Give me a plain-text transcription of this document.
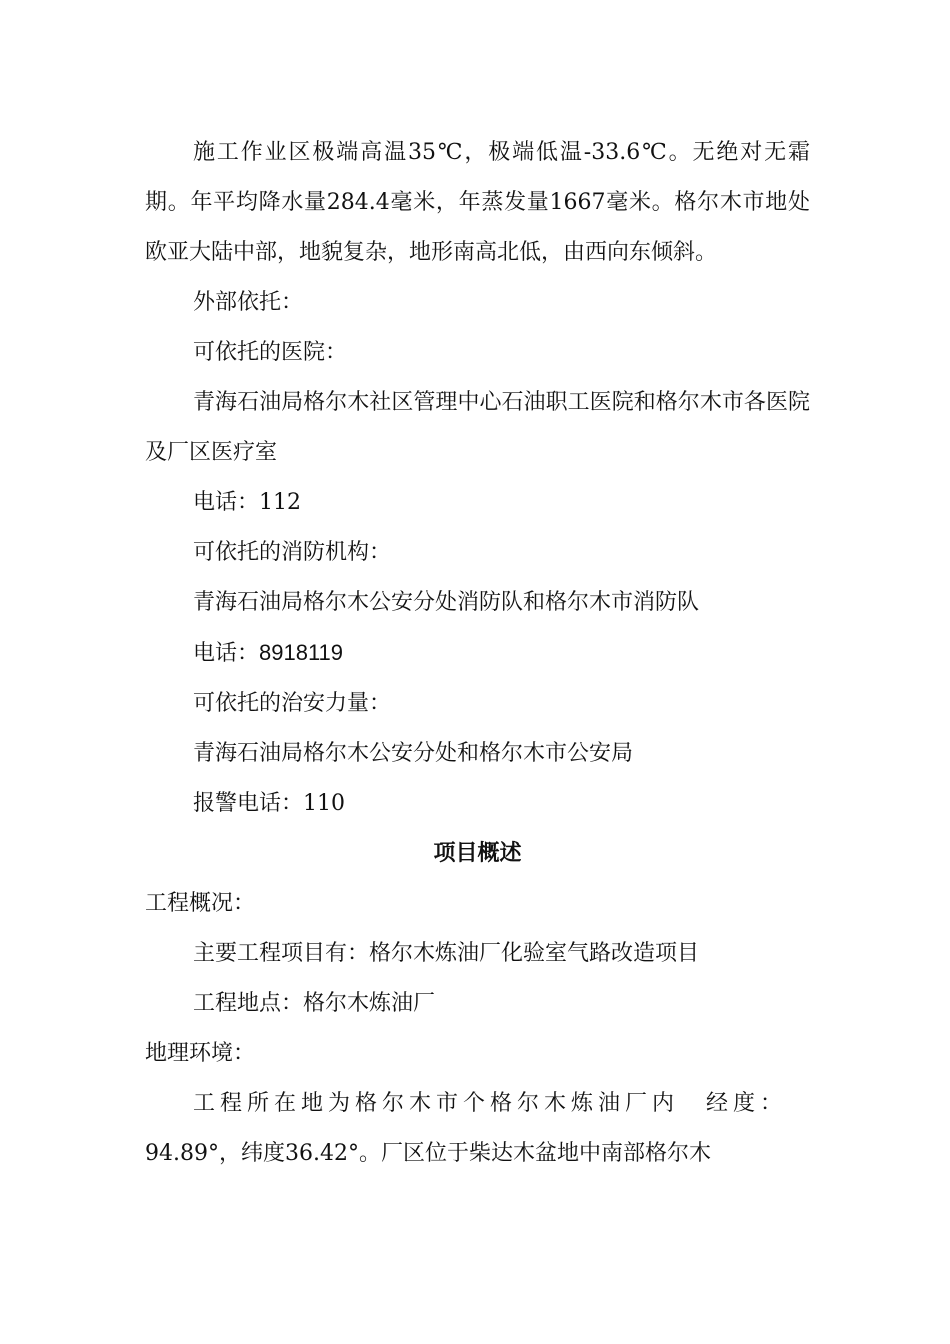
施工作业区极端高温35℃，极端低温-33.6℃。无绝对无霜期。年平均降水量284.4毫米，年蒸发量1667毫米。格尔木市地处欧亚大陆中部，地貌复杂，地形南高北低，由西向东倾斜。

外部依托：

可依托的医院：

青海石油局格尔木社区管理中心石油职工医院和格尔木市各医院及厂区医疗室

电话：112

可依托的消防机构：

青海石油局格尔木公安分处消防队和格尔木市消防队

电话：8918119

可依托的治安力量：

青海石油局格尔木公安分处和格尔木市公安局

报警电话：110

项目概述

工程概况：

主要工程项目有：格尔木炼油厂化验室气路改造项目

工程地点：格尔木炼油厂

地理环境：

工程所在地为格尔木市个格尔木炼油厂内　经度：

94.89°，纬度36.42°。厂区位于柴达木盆地中南部格尔木
